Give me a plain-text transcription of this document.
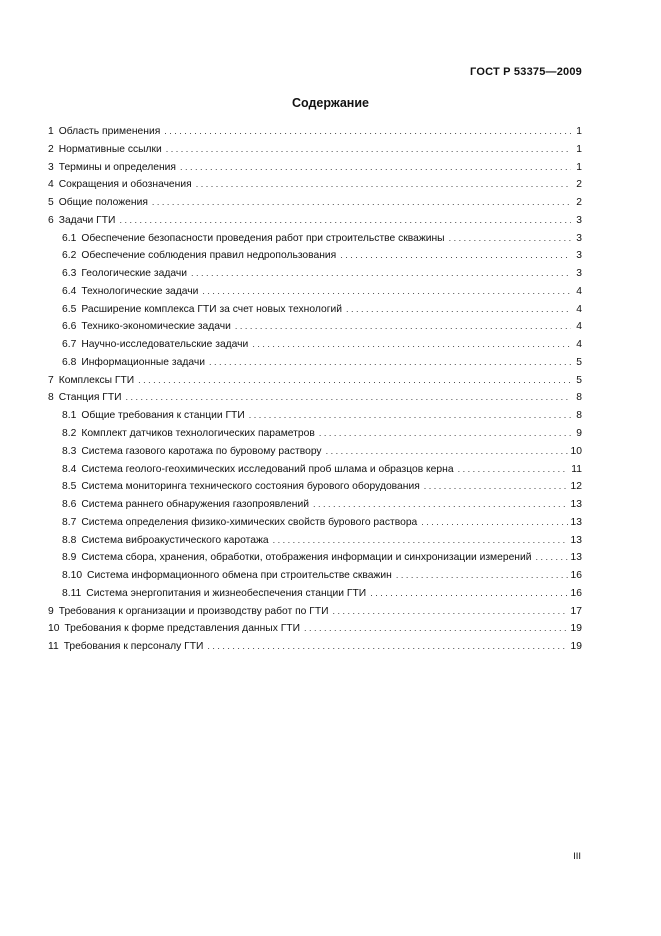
ГОСТ Р 53375—2009
Содержание
1 Область применения . . .	1
2 Нормативные ссылки . . .	1
3 Термины и определения . . .	1
4 Сокращения и обозначения . . .	2
5 Общие положения . . .	2
6 Задачи ГТИ . . .	3
6.1 Обеспечение безопасности проведения работ при строительстве скважины . . .	3
6.2 Обеспечение соблюдения правил недропользования . . .	3
6.3 Геологические задачи . . .	3
6.4 Технологические задачи . . .	4
6.5 Расширение комплекса ГТИ за счет новых технологий . . .	4
6.6 Технико-экономические задачи . . .	4
6.7 Научно-исследовательские задачи . . .	4
6.8 Информационные задачи . . .	5
7 Комплексы ГТИ . . .	5
8 Станция ГТИ . . .	8
8.1 Общие требования к станции ГТИ . . .	8
8.2 Комплект датчиков технологических параметров . . .	9
8.3 Система газового каротажа по буровому раствору . . .	10
8.4 Система геолого-геохимических исследований проб шлама и образцов керна . . .	11
8.5 Система мониторинга технического состояния бурового оборудования . . .	12
8.6 Система раннего обнаружения газопроявлений . . .	13
8.7 Система определения физико-химических свойств бурового раствора . . .	13
8.8 Система виброакустического каротажа . . .	13
8.9 Система сбора, хранения, обработки, отображения информации и синхронизации измерений . . .	13
8.10 Система информационного обмена при строительстве скважин . . .	16
8.11 Система энергопитания и жизнеобеспечения станции ГТИ . . .	16
9 Требования к организации и производству работ по ГТИ . . .	17
10 Требования к форме представления данных ГТИ . . .	19
11 Требования к персоналу ГТИ . . .	19
III
